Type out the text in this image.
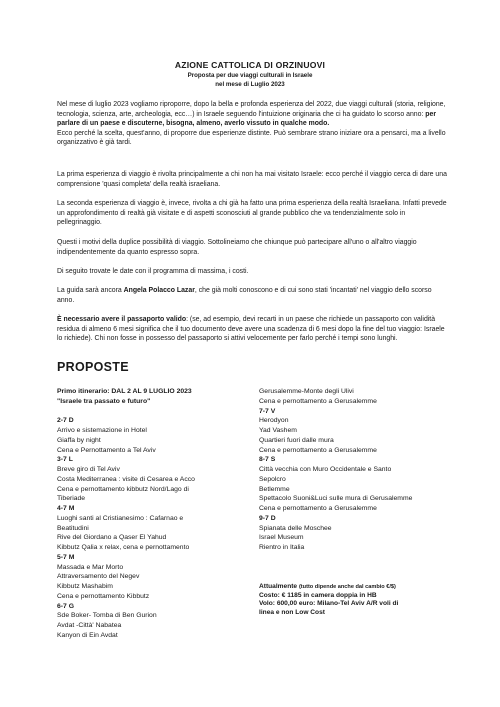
AZIONE CATTOLICA DI ORZINUOVI
Proposta per due viaggi culturali in Israele
nel mese di Luglio 2023

Nel mese di luglio 2023 vogliamo riproporre, dopo la bella e profonda esperienza del 2022, due viaggi culturali (storia, religione, tecnologia, scienza, arte, archeologia, ecc…) in Israele seguendo l'intuizione originaria che ci ha guidato lo scorso anno: per parlare di un paese e discuterne, bisogna, almeno, averlo vissuto in qualche modo.
Ecco perché la scelta, quest'anno, di proporre due esperienze distinte. Può sembrare strano iniziare ora a pensarci, ma a livello organizzativo è già tardi.

La prima esperienza di viaggio è rivolta principalmente a chi non ha mai visitato Israele: ecco perché il viaggio cerca di dare una comprensione 'quasi completa' della realtà israeliana.

La seconda esperienza di viaggio è, invece, rivolta a chi già ha fatto una prima esperienza della realtà Israeliana. Infatti prevede un approfondimento di realtà già visitate e di aspetti sconosciuti al grande pubblico che va tendenzialmente solo in pellegrinaggio.

Questi i motivi della duplice possibilità di viaggio. Sottolineiamo che chiunque può partecipare all'uno o all'altro viaggio indipendentemente da quanto espresso sopra.

Di seguito trovate le date con il programma di massima, i costi.

La guida sarà ancora Angela Polacco Lazar, che già molti conoscono e di cui sono stati 'incantati' nel viaggio dello scorso anno.

È necessario avere il passaporto valido: (se, ad esempio, devi recarti in un paese che richiede un passaporto con validità residua di almeno 6 mesi significa che il tuo documento deve avere una scadenza di 6 mesi dopo la fine del tuo viaggio: Israele lo richiede). Chi non fosse in possesso del passaporto si attivi velocemente per farlo perché i tempi sono lunghi.

PROPOSTE
Primo itinerario: DAL 2 AL 9 LUGLIO 2023
"Israele tra passato e futuro"

2-7 D
Arrivo e sistemazione in Hotel
Giaffa by night
Cena e Pernottamento a Tel Aviv
3-7 L
Breve giro di Tel Aviv
Costa Mediterranea : visite di Cesarea e Acco
Cena e pernottamento kibbutz Nord/Lago di
Tiberiade
4-7 M
Luoghi santi al Cristianesimo : Cafarnao e
Beatitudini
Rive del Giordano a Qaser El Yahud
Kibbutz Qalia x relax, cena e pernottamento
5-7 M
Massada e Mar Morto
Attraversamento del Negev
Kibbutz Mashabim
Cena e pernottamento Kibbutz
6-7 G
Sde Boker- Tomba di Ben Gurion
Avdat -Città' Nabatea
Kanyon di Ein Avdat
Gerusalemme-Monte degli Ulivi
Cena e pernottamento a Gerusalemme
7-7 V
Herodyon
Yad Vashem
Quartieri fuori dalle mura
Cena e pernottamento a Gerusalemme
8-7 S
Città vecchia con Muro Occidentale e Santo
Sepolcro
Betlemme
Spettacolo Suoni&Luci sulle mura di Gerusalemme
Cena e pernottamento a Gerusalemme
9-7 D
Spianata delle Moschee
Israel Museum
Rientro in Italia
Attualmente (tutto dipende anche dal cambio €/$)
Costo: € 1185 in camera doppia in HB
Volo: 600,00 euro: Milano-Tel Aviv A/R voli di
linea e non Low Cost
